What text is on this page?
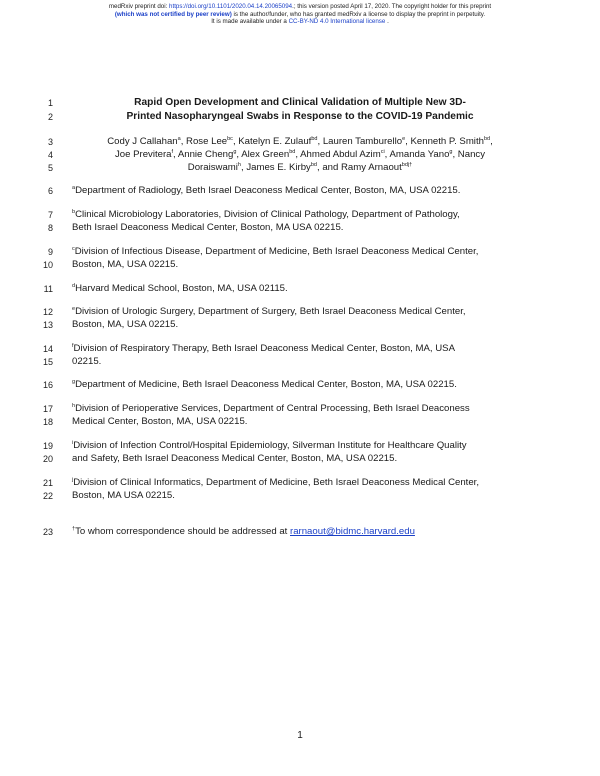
medRxiv preprint doi: https://doi.org/10.1101/2020.04.14.20065094.; this version posted April 17, 2020. The copyright holder for this preprint
(which was not certified by peer review) is the author/funder, who has granted medRxiv a license to display the preprint in perpetuity.
It is made available under a CC-BY-ND 4.0 International license .
1	Rapid Open Development and Clinical Validation of Multiple New 3D-
2	Printed Nasopharyngeal Swabs in Response to the COVID-19 Pandemic
3	Cody J Callahan$^a$, Rose Lee$^{bc}$, Katelyn E. Zulauf$^{bd}$, Lauren Tamburello$^e$, Kenneth P. Smith$^{bd}$,
4	Joe Previtera$^f$, Annie Cheng$^g$, Alex Green$^{bd}$, Ahmed Abdul Azim$^{ci}$, Amanda Yano$^g$, Nancy
5	Doraiswami$^h$, James E. Kirby$^{bd}$, and Ramy Arnaout$^{bdj\dagger}$
6	$^a$Department of Radiology, Beth Israel Deaconess Medical Center, Boston, MA, USA 02215.
7	$^b$Clinical Microbiology Laboratories, Division of Clinical Pathology, Department of Pathology,
8 Beth Israel Deaconess Medical Center, Boston, MA USA 02215.
9	$^c$Division of Infectious Disease, Department of Medicine, Beth Israel Deaconess Medical Center,
10 Boston, MA, USA 02215.
11	$^d$Harvard Medical School, Boston, MA, USA 02115.
12	$^e$Division of Urologic Surgery, Department of Surgery, Beth Israel Deaconess Medical Center,
13 Boston, MA, USA 02215.
14	$^f$Division of Respiratory Therapy, Beth Israel Deaconess Medical Center, Boston, MA, USA
15 02215.
16	$^g$Department of Medicine, Beth Israel Deaconess Medical Center, Boston, MA, USA 02215.
17	$^h$Division of Perioperative Services, Department of Central Processing, Beth Israel Deaconess
18 Medical Center, Boston, MA, USA 02215.
19	$^i$Division of Infection Control/Hospital Epidemiology, Silverman Institute for Healthcare Quality
20 and Safety, Beth Israel Deaconess Medical Center, Boston, MA, USA 02215.
21	$^j$Division of Clinical Informatics, Department of Medicine, Beth Israel Deaconess Medical Center,
22 Boston, MA USA 02215.
23	†To whom correspondence should be addressed at rarnaout@bidmc.harvard.edu
1
